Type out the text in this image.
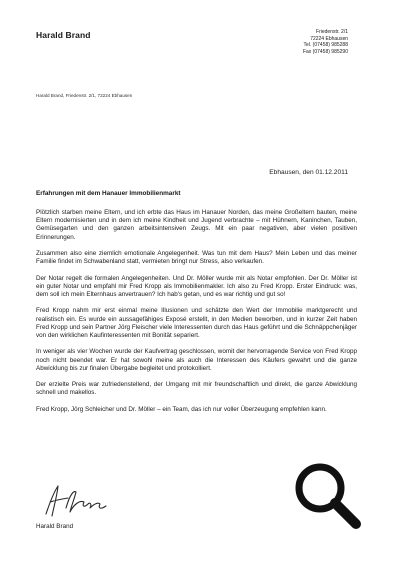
Harald Brand	Friedenstr. 2/1
72224 Ebhausen
Tel. (07458) 985288
Fax (07458) 985290
Harald Brand, Friedenstr. 2/1, 72224 Ebhausen
Ebhausen, den 01.12.2011
Erfahrungen mit dem Hanauer Immobilienmarkt

Plötzlich starben meine Eltern, und ich erbte das Haus im Hanauer Norden, das meine Großeltern bauten, meine Eltern modernisierten und in dem ich meine Kindheit und Jugend verbrachte – mit Hühnern, Kaninchen, Tauben, Gemüsegarten und den ganzen arbeitsintensiven Zeugs. Mit ein paar negativen, aber vielen positiven Erinnerungen.

Zusammen also eine ziemlich emotionale Angelegenheit. Was tun mit dem Haus? Mein Leben und das meiner Familie findet im Schwabenland statt, vermieten bringt nur Stress, also verkaufen.

Der Notar regelt die formalen Angelegenheiten. Und Dr. Möller wurde mir als Notar empfohlen. Der Dr. Möller ist ein guter Notar und empfahl mir Fred Kropp als Immobilienmakler. Ich also zu Fred Kropp. Erster Eindruck: was, dem soll ich mein Elternhaus anvertrauen? Ich hab's getan, und es war richtig und gut so!

Fred Kropp nahm mir erst einmal meine Illusionen und schätzte den Wert der Immobilie marktgerecht und realistisch ein. Es wurde ein aussagefähiges Exposé erstellt, in den Medien beworben, und in kurzer Zeit haben Fred Kropp und sein Partner Jörg Fleischer viele Interessenten durch das Haus geführt und die Schnäppchenjäger von den wirklichen Kaufinteressenten mit Bonität separiert.

In weniger als vier Wochen wurde der Kaufvertrag geschlossen, womit der hervorragende Service von Fred Kropp noch nicht beendet war. Er hat sowohl meine als auch die Interessen des Käufers gewahrt und die ganze Abwicklung bis zur finalen Übergabe begleitet und protokolliert.

Der erzielte Preis war zufriedenstellend, der Umgang mit mir freundschaftlich und direkt, die ganze Abwicklung schnell und makellos.

Fred Kropp, Jörg Schleicher und Dr. Möller – ein Team, das ich nur voller Überzeugung empfehlen kann.

Harald Brand
